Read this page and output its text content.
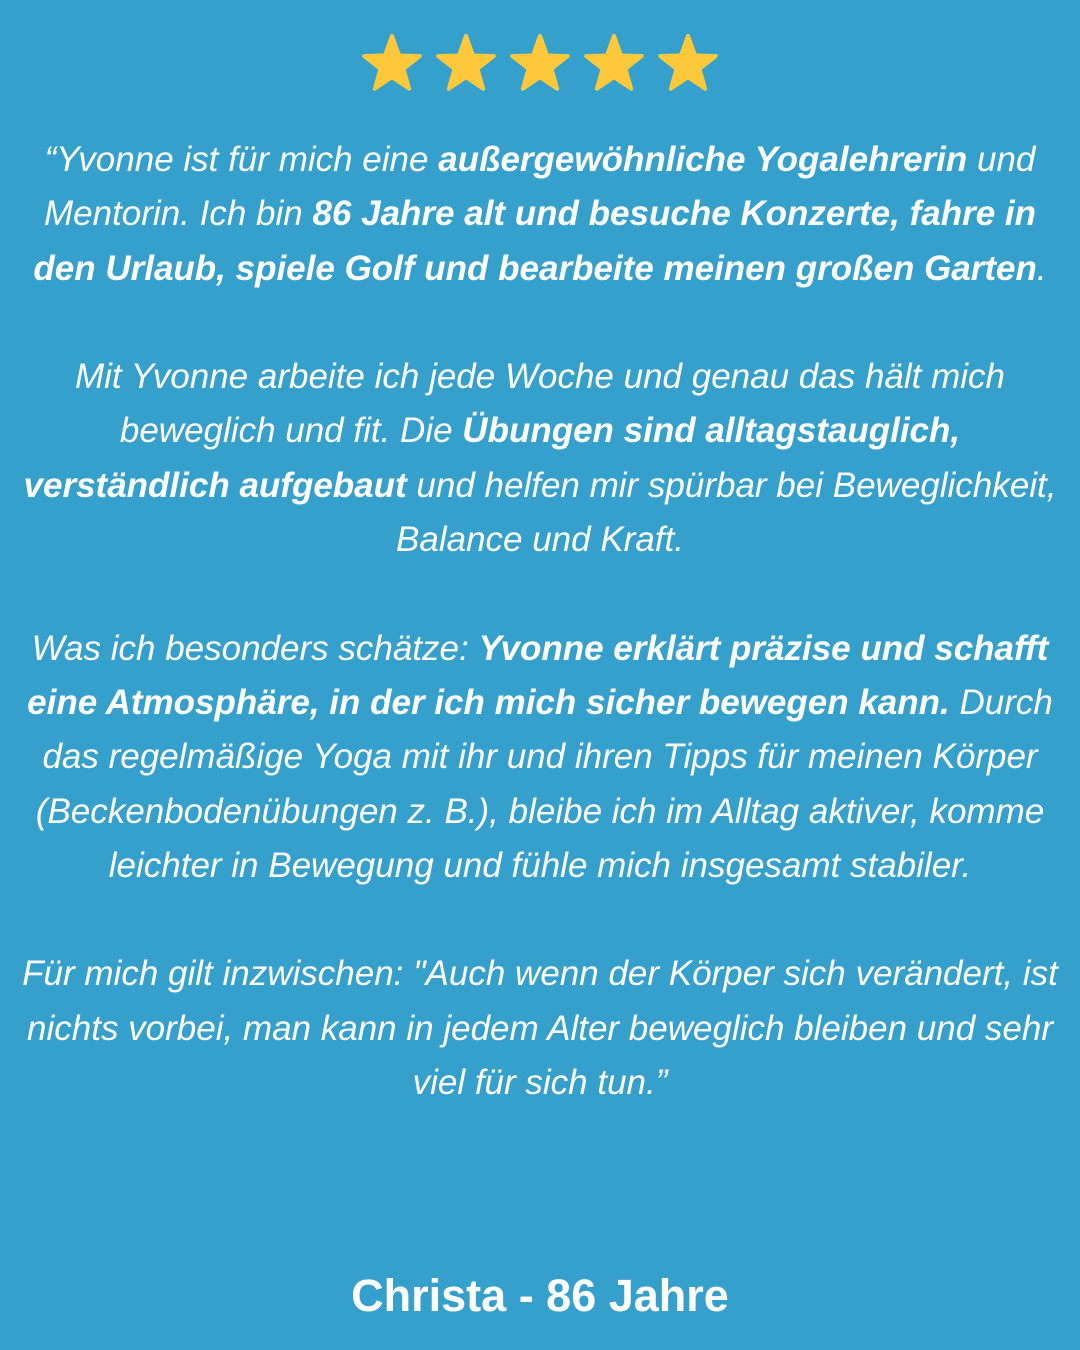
“Yvonne ist für mich eine außergewöhnliche Yogalehrerin und Mentorin. Ich bin 86 Jahre alt und besuche Konzerte, fahre in den Urlaub, spiele Golf und bearbeite meinen großen Garten.

Mit Yvonne arbeite ich jede Woche und genau das hält mich beweglich und fit. Die Übungen sind alltagstauglich, verständlich aufgebaut und helfen mir spürbar bei Beweglichkeit, Balance und Kraft.

Was ich besonders schätze: Yvonne erklärt präzise und schafft eine Atmosphäre, in der ich mich sicher bewegen kann. Durch das regelmäßige Yoga mit ihr und ihren Tipps für meinen Körper (Beckenbodenübungen z. B.), bleibe ich im Alltag aktiver, komme leichter in Bewegung und fühle mich insgesamt stabiler.

Für mich gilt inzwischen: "Auch wenn der Körper sich verändert, ist nichts vorbei, man kann in jedem Alter beweglich bleiben und sehr viel für sich tun.”

Christa - 86 Jahre
